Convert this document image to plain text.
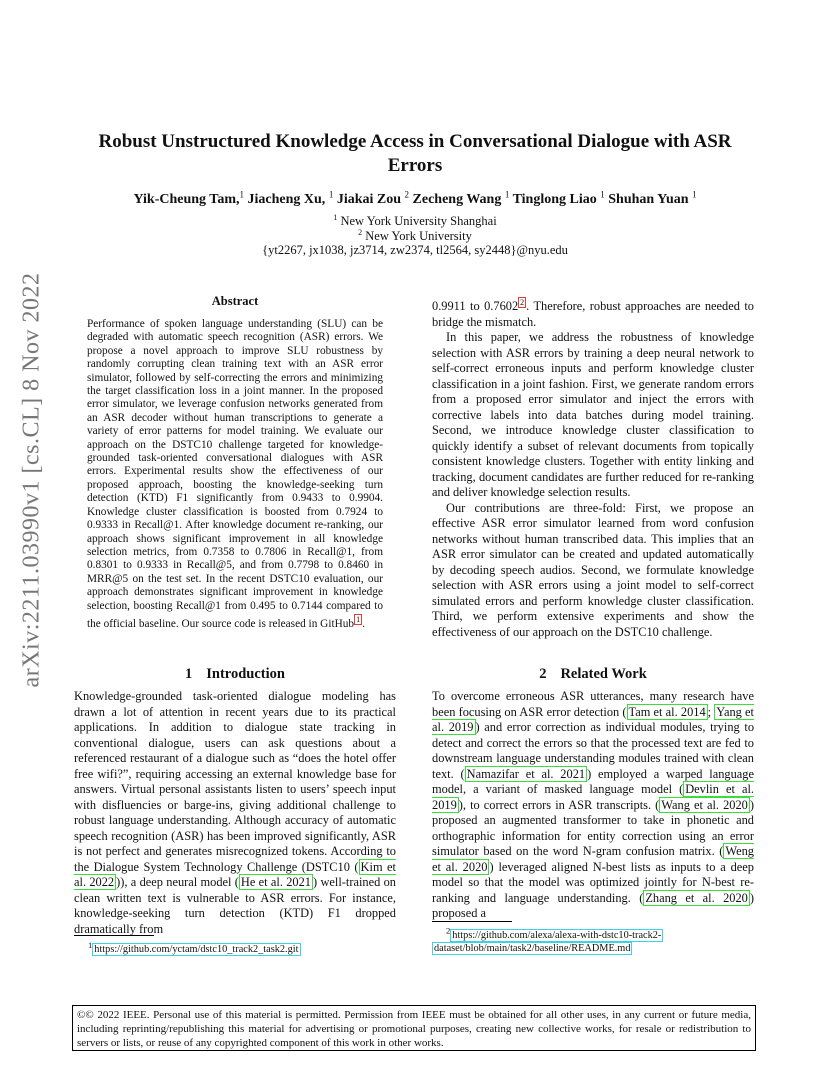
arXiv:2211.03990v1 [cs.CL] 8 Nov 2022
Robust Unstructured Knowledge Access in Conversational Dialogue with ASR Errors
Yik-Cheung Tam,$^1$ Jiacheng Xu, $^1$ Jiakai Zou $^2$ Zecheng Wang $^1$ Tinglong Liao $^1$ Shuhan Yuan $^1$
$^1$ New York University Shanghai
$^2$ New York University
{yt2267, jx1038, jz3714, zw2374, tl2564, sy2448}@nyu.edu
Abstract
Performance of spoken language understanding (SLU) can be degraded with automatic speech recognition (ASR) errors. We propose a novel approach to improve SLU robustness by randomly corrupting clean training text with an ASR error simulator, followed by self-correcting the errors and minimizing the target classification loss in a joint manner. In the proposed error simulator, we leverage confusion networks generated from an ASR decoder without human transcriptions to generate a variety of error patterns for model training. We evaluate our approach on the DSTC10 challenge targeted for knowledge-grounded task-oriented conversational dialogues with ASR errors. Experimental results show the effectiveness of our proposed approach, boosting the knowledge-seeking turn detection (KTD) F1 significantly from 0.9433 to 0.9904. Knowledge cluster classification is boosted from 0.7924 to 0.9333 in Recall@1. After knowledge document re-ranking, our approach shows significant improvement in all knowledge selection metrics, from 0.7358 to 0.7806 in Recall@1, from 0.8301 to 0.9333 in Recall@5, and from 0.7798 to 0.8460 in MRR@5 on the test set. In the recent DSTC10 evaluation, our approach demonstrates significant improvement in knowledge selection, boosting Recall@1 from 0.495 to 0.7144 compared to the official baseline. Our source code is released in GitHub $^1$ .
1 Introduction

Knowledge-grounded task-oriented dialogue modeling has drawn a lot of attention in recent years due to its practical applications. In addition to dialogue state tracking in conventional dialogue, users can ask questions about a referenced restaurant of a dialogue such as “does the hotel offer free wifi?”, requiring accessing an external knowledge base for answers. Virtual personal assistants listen to users’ speech input with disfluencies or barge-ins, giving additional challenge to robust language understanding. Although accuracy of automatic speech recognition (ASR) has been improved significantly, ASR is not perfect and generates misrecognized tokens. According to the Dialogue System Technology Challenge (DSTC10 ( Kim et al. 2022 )), a deep neural model ( He et al. 2021 ) well-trained on clean written text is vulnerable to ASR errors. For instance, knowledge-seeking turn detection (KTD) F1 dropped dramatically from

0.9911 to 0.7602 $^2$ . Therefore, robust approaches are needed to bridge the mismatch.

In this paper, we address the robustness of knowledge selection with ASR errors by training a deep neural network to self-correct erroneous inputs and perform knowledge cluster classification in a joint fashion. First, we generate random errors from a proposed error simulator and inject the errors with corrective labels into data batches during model training. Second, we introduce knowledge cluster classification to quickly identify a subset of relevant documents from topically consistent knowledge clusters. Together with entity linking and tracking, document candidates are further reduced for re-ranking and deliver knowledge selection results.

Our contributions are three-fold: First, we propose an effective ASR error simulator learned from word confusion networks without human transcribed data. This implies that an ASR error simulator can be created and updated automatically by decoding speech audios. Second, we formulate knowledge selection with ASR errors using a joint model to self-correct simulated errors and perform knowledge cluster classification. Third, we perform extensive experiments and show the effectiveness of our approach on the DSTC10 challenge.

2 Related Work

To overcome erroneous ASR utterances, many research have been focusing on ASR error detection ( Tam et al. 2014 ; Yang et al. 2019 ) and error correction as individual modules, trying to detect and correct the errors so that the processed text are fed to downstream language understanding modules trained with clean text. ( Namazifar et al. 2021 ) employed a warped language model, a variant of masked language model ( Devlin et al. 2019 ), to correct errors in ASR transcripts. ( Wang et al. 2020 ) proposed an augmented transformer to take in phonetic and orthographic information for entity correction using an error simulator based on the word N-gram confusion matrix. ( Weng et al. 2020 ) leveraged aligned N-best lists as inputs to a deep model so that the model was optimized jointly for N-best re-ranking and language understanding. ( Zhang et al. 2020 ) proposed a

$^1$ https://github.com/yctam/dstc10_track2_task2.git
$^2$ https://github.com/alexa/alexa-with-dstc10-track2-
dataset/blob/main/task2/baseline/README.md
©© 2022 IEEE. Personal use of this material is permitted. Permission from IEEE must be obtained for all other uses, in any current or future media, including reprinting/republishing this material for advertising or promotional purposes, creating new collective works, for resale or redistribution to servers or lists, or reuse of any copyrighted component of this work in other works.
